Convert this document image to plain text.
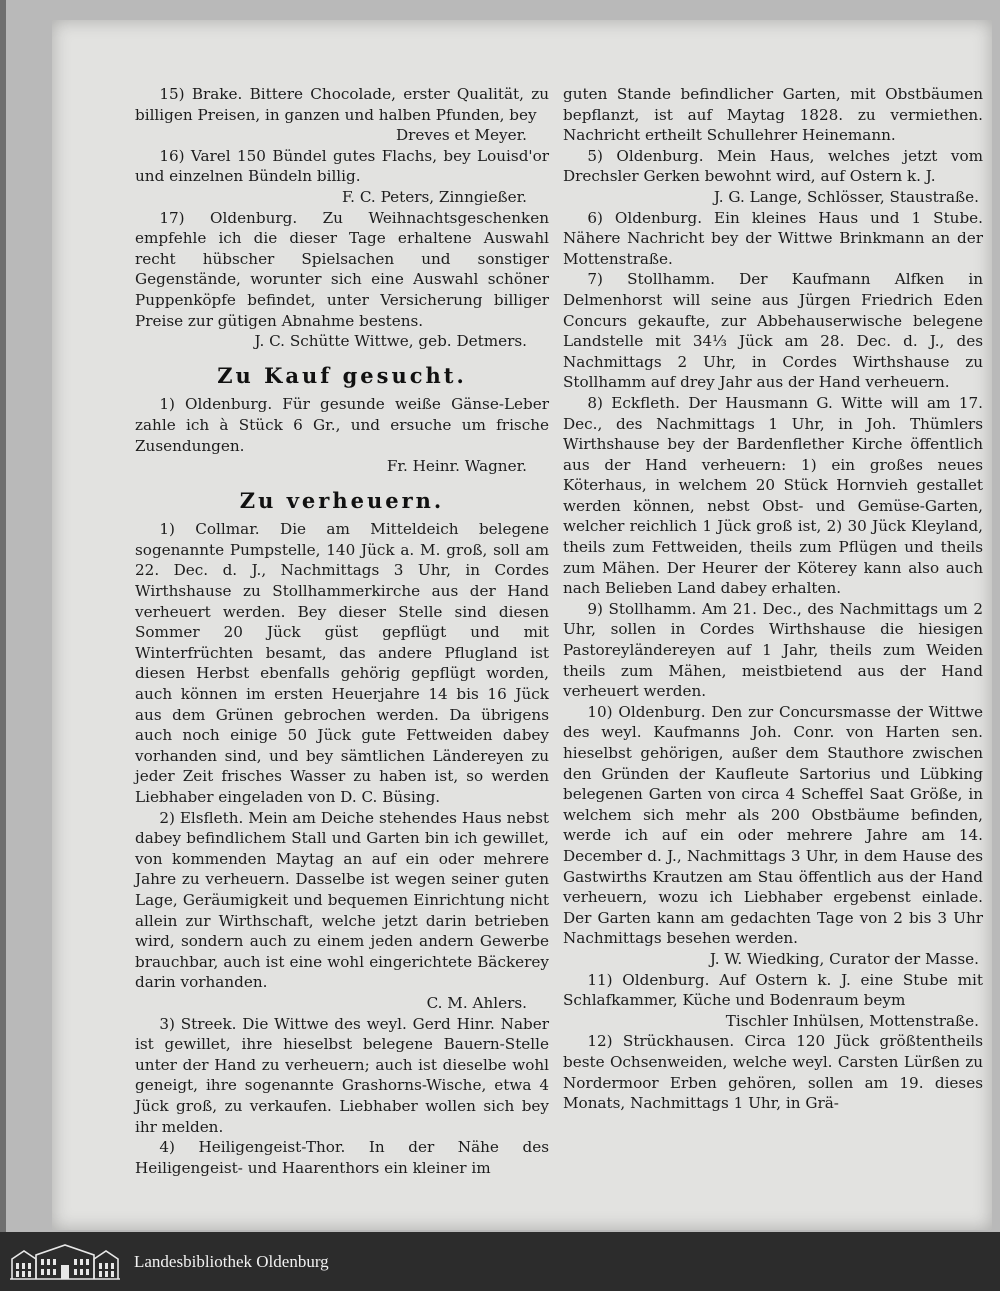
15) Brake. Bittere Chocolade, erster Qualität, zu billigen Preisen, in ganzen und halben Pfunden, bey

Dreves et Meyer.

16) Varel 150 Bündel gutes Flachs, bey Louisd'or und einzelnen Bündeln billig.

F. C. Peters, Zinngießer.

17) Oldenburg. Zu Weihnachtsgeschenken empfehle ich die dieser Tage erhaltene Auswahl recht hübscher Spielsachen und sonstiger Gegenstände, worunter sich eine Auswahl schöner Puppenköpfe befindet, unter Versicherung billiger Preise zur gütigen Abnahme bestens.

J. C. Schütte Wittwe, geb. Detmers.

Zu Kauf gesucht.

1) Oldenburg. Für gesunde weiße Gänse-Leber zahle ich à Stück 6 Gr., und ersuche um frische Zusendungen.

Fr. Heinr. Wagner.

Zu verheuern.

1) Collmar. Die am Mitteldeich belegene sogenannte Pumpstelle, 140 Jück a. M. groß, soll am 22. Dec. d. J., Nachmittags 3 Uhr, in Cordes Wirthshause zu Stollhammerkirche aus der Hand verheuert werden. Bey dieser Stelle sind diesen Sommer 20 Jück güst gepflügt und mit Winterfrüchten besamt, das andere Pflugland ist diesen Herbst ebenfalls gehörig gepflügt worden, auch können im ersten Heuerjahre 14 bis 16 Jück aus dem Grünen gebrochen werden. Da übrigens auch noch einige 50 Jück gute Fettweiden dabey vorhanden sind, und bey sämtlichen Ländereyen zu jeder Zeit frisches Wasser zu haben ist, so werden Liebhaber eingeladen von D. C. Büsing.

2) Elsfleth. Mein am Deiche stehendes Haus nebst dabey befindlichem Stall und Garten bin ich gewillet, von kommenden Maytag an auf ein oder mehrere Jahre zu verheuern. Dasselbe ist wegen seiner guten Lage, Geräumigkeit und bequemen Einrichtung nicht allein zur Wirthschaft, welche jetzt darin betrieben wird, sondern auch zu einem jeden andern Gewerbe brauchbar, auch ist eine wohl eingerichtete Bäckerey darin vorhanden.

C. M. Ahlers.

3) Streek. Die Wittwe des weyl. Gerd Hinr. Naber ist gewillet, ihre hieselbst belegene Bauern-Stelle unter der Hand zu verheuern; auch ist dieselbe wohl geneigt, ihre sogenannte Grashorns-Wische, etwa 4 Jück groß, zu verkaufen. Liebhaber wollen sich bey ihr melden.

4) Heiligengeist-Thor. In der Nähe des Heiligengeist- und Haarenthors ein kleiner im

guten Stande befindlicher Garten, mit Obstbäumen bepflanzt, ist auf Maytag 1828. zu vermiethen. Nachricht ertheilt Schullehrer Heinemann.

5) Oldenburg. Mein Haus, welches jetzt vom Drechsler Gerken bewohnt wird, auf Ostern k. J.

J. G. Lange, Schlösser, Staustraße.

6) Oldenburg. Ein kleines Haus und 1 Stube. Nähere Nachricht bey der Wittwe Brinkmann an der Mottenstraße.

7) Stollhamm. Der Kaufmann Alfken in Delmenhorst will seine aus Jürgen Friedrich Eden Concurs gekaufte, zur Abbehauserwische belegene Landstelle mit 34⅓ Jück am 28. Dec. d. J., des Nachmittags 2 Uhr, in Cordes Wirthshause zu Stollhamm auf drey Jahr aus der Hand verheuern.

8) Eckfleth. Der Hausmann G. Witte will am 17. Dec., des Nachmittags 1 Uhr, in Joh. Thümlers Wirthshause bey der Bardenflether Kirche öffentlich aus der Hand verheuern: 1) ein großes neues Köterhaus, in welchem 20 Stück Hornvieh gestallet werden können, nebst Obst- und Gemüse-Garten, welcher reichlich 1 Jück groß ist, 2) 30 Jück Kleyland, theils zum Fettweiden, theils zum Pflügen und theils zum Mähen. Der Heurer der Köterey kann also auch nach Belieben Land dabey erhalten.

9) Stollhamm. Am 21. Dec., des Nachmittags um 2 Uhr, sollen in Cordes Wirthshause die hiesigen Pastoreyländereyen auf 1 Jahr, theils zum Weiden theils zum Mähen, meistbietend aus der Hand verheuert werden.

10) Oldenburg. Den zur Concursmasse der Wittwe des weyl. Kaufmanns Joh. Conr. von Harten sen. hieselbst gehörigen, außer dem Stauthore zwischen den Gründen der Kaufleute Sartorius und Lübking belegenen Garten von circa 4 Scheffel Saat Größe, in welchem sich mehr als 200 Obstbäume befinden, werde ich auf ein oder mehrere Jahre am 14. December d. J., Nachmittags 3 Uhr, in dem Hause des Gastwirths Krautzen am Stau öffentlich aus der Hand verheuern, wozu ich Liebhaber ergebenst einlade. Der Garten kann am gedachten Tage von 2 bis 3 Uhr Nachmittags besehen werden.

J. W. Wiedking, Curator der Masse.

11) Oldenburg. Auf Ostern k. J. eine Stube mit Schlafkammer, Küche und Bodenraum beym

Tischler Inhülsen, Mottenstraße.

12) Strückhausen. Circa 120 Jück größtentheils beste Ochsenweiden, welche weyl. Carsten Lürßen zu Nordermoor Erben gehören, sollen am 19. dieses Monats, Nachmittags 1 Uhr, in Grä-

Landesbibliothek Oldenburg
